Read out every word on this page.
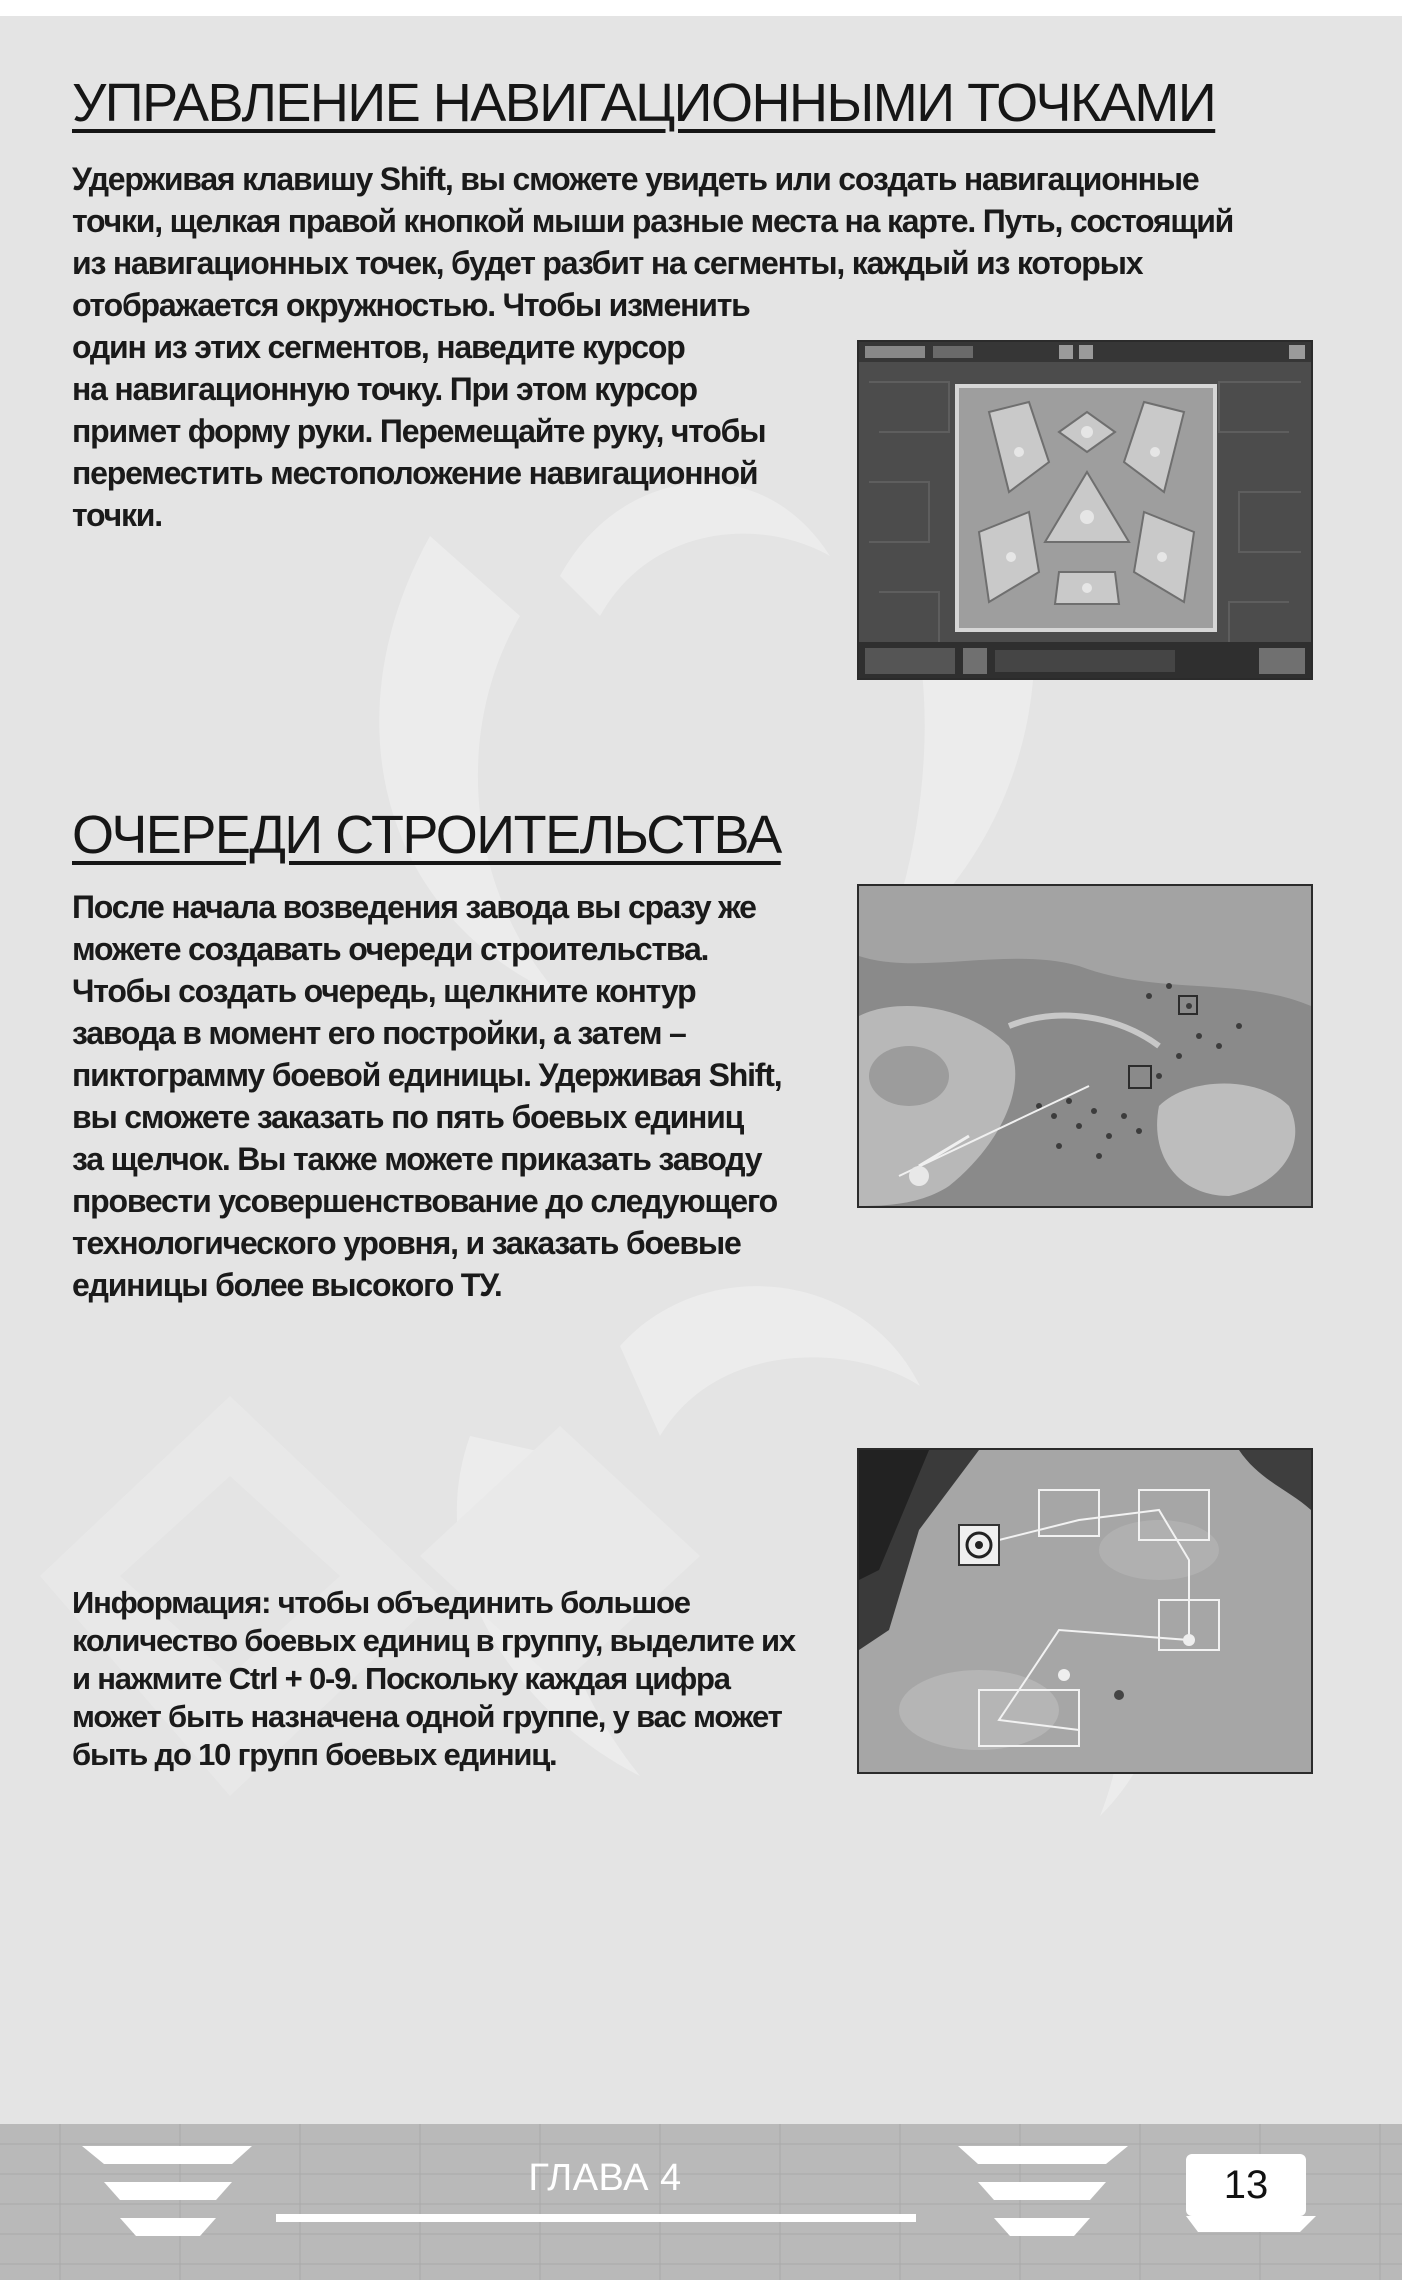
УПРАВЛЕНИЕ НАВИГАЦИОННЫМИ ТОЧКАМИ
Удерживая клавишу Shift, вы сможете увидеть или создать навигационные
точки, щелкая правой кнопкой мыши разные места на карте. Путь, состоящий
из навигационных точек, будет разбит на сегменты, каждый из которых
отображается окружностью. Чтобы изменить
один из этих сегментов, наведите курсор
на навигационную точку. При этом курсор
примет форму руки. Перемещайте руку, чтобы
переместить местоположение навигационной
точки.
ОЧЕРЕДИ СТРОИТЕЛЬСТВА
После начала возведения завода вы сразу же
можете создавать очереди строительства.
Чтобы создать очередь, щелкните контур
завода в момент его постройки, а затем –
пиктограмму боевой единицы. Удерживая Shift,
вы сможете заказать по пять боевых единиц
за щелчок. Вы также можете приказать заводу
провести усовершенствование до следующего
технологического уровня, и заказать боевые
единицы более высокого ТУ.
Информация: чтобы объединить большое
количество боевых единиц в группу, выделите их
и нажмите Ctrl + 0-9. Поскольку каждая цифра
может быть назначена одной группе, у вас может
быть до 10 групп боевых единиц.
ГЛАВА 4	13
